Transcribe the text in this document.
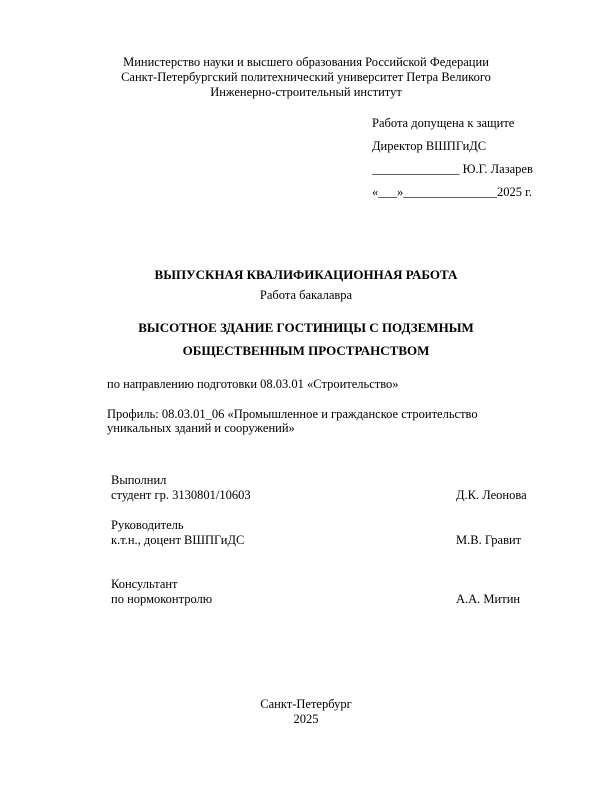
Министерство науки и высшего образования Российской Федерации
Санкт-Петербургский политехнический университет Петра Великого
Инженерно-строительный институт
Работа допущена к защите
Директор ВШПГиДС
______________ Ю.Г. Лазарев
«___»_______________2025 г.
ВЫПУСКНАЯ КВАЛИФИКАЦИОННАЯ РАБОТА
Работа бакалавра
ВЫСОТНОЕ ЗДАНИЕ ГОСТИНИЦЫ С ПОДЗЕМНЫМ
ОБЩЕСТВЕННЫМ ПРОСТРАНСТВОМ
по направлению подготовки 08.03.01 «Строительство»
Профиль: 08.03.01_06 «Промышленное и гражданское строительство
уникальных зданий и сооружений»
Выполнил
студент гр. 3130801/10603	Д.К. Леонова
Руководитель
к.т.н., доцент ВШПГиДС	М.В. Гравит
Консультант
по нормоконтролю	А.А. Митин
Санкт-Петербург
2025
